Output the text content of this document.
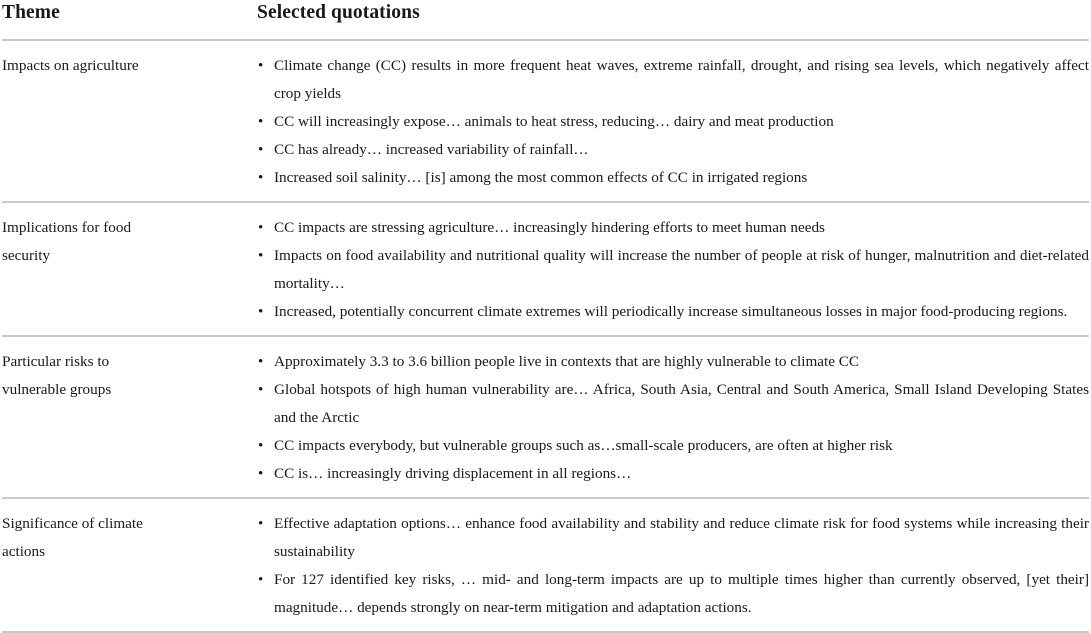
Theme	Selected quotations
Impacts on agriculture	• Climate change (CC) results in more frequent heat waves, extreme rainfall, drought, and rising sea levels, which negatively affect crop yields
• CC will increasingly expose… animals to heat stress, reducing… dairy and meat production
• CC has already… increased variability of rainfall…
• Increased soil salinity… [is] among the most common effects of CC in irrigated regions
Implications for food
security
• CC impacts are stressing agriculture… increasingly hindering efforts to meet human needs
• Impacts on food availability and nutritional quality will increase the number of people at risk of hunger, malnutrition and diet-related mortality…
• Increased, potentially concurrent climate extremes will periodically increase simultaneous losses in major food-producing regions.
Particular risks to
vulnerable groups
• Approximately 3.3 to 3.6 billion people live in contexts that are highly vulnerable to climate CC
• Global hotspots of high human vulnerability are… Africa, South Asia, Central and South America, Small Island Developing States and the Arctic
• CC impacts everybody, but vulnerable groups such as…small-scale producers, are often at higher risk
• CC is… increasingly driving displacement in all regions…
Significance of climate
actions
• Effective adaptation options… enhance food availability and stability and reduce climate risk for food systems while increasing their sustainability
• For 127 identified key risks, … mid- and long-term impacts are up to multiple times higher than currently observed, [yet their] magnitude… depends strongly on near-term mitigation and adaptation actions.
